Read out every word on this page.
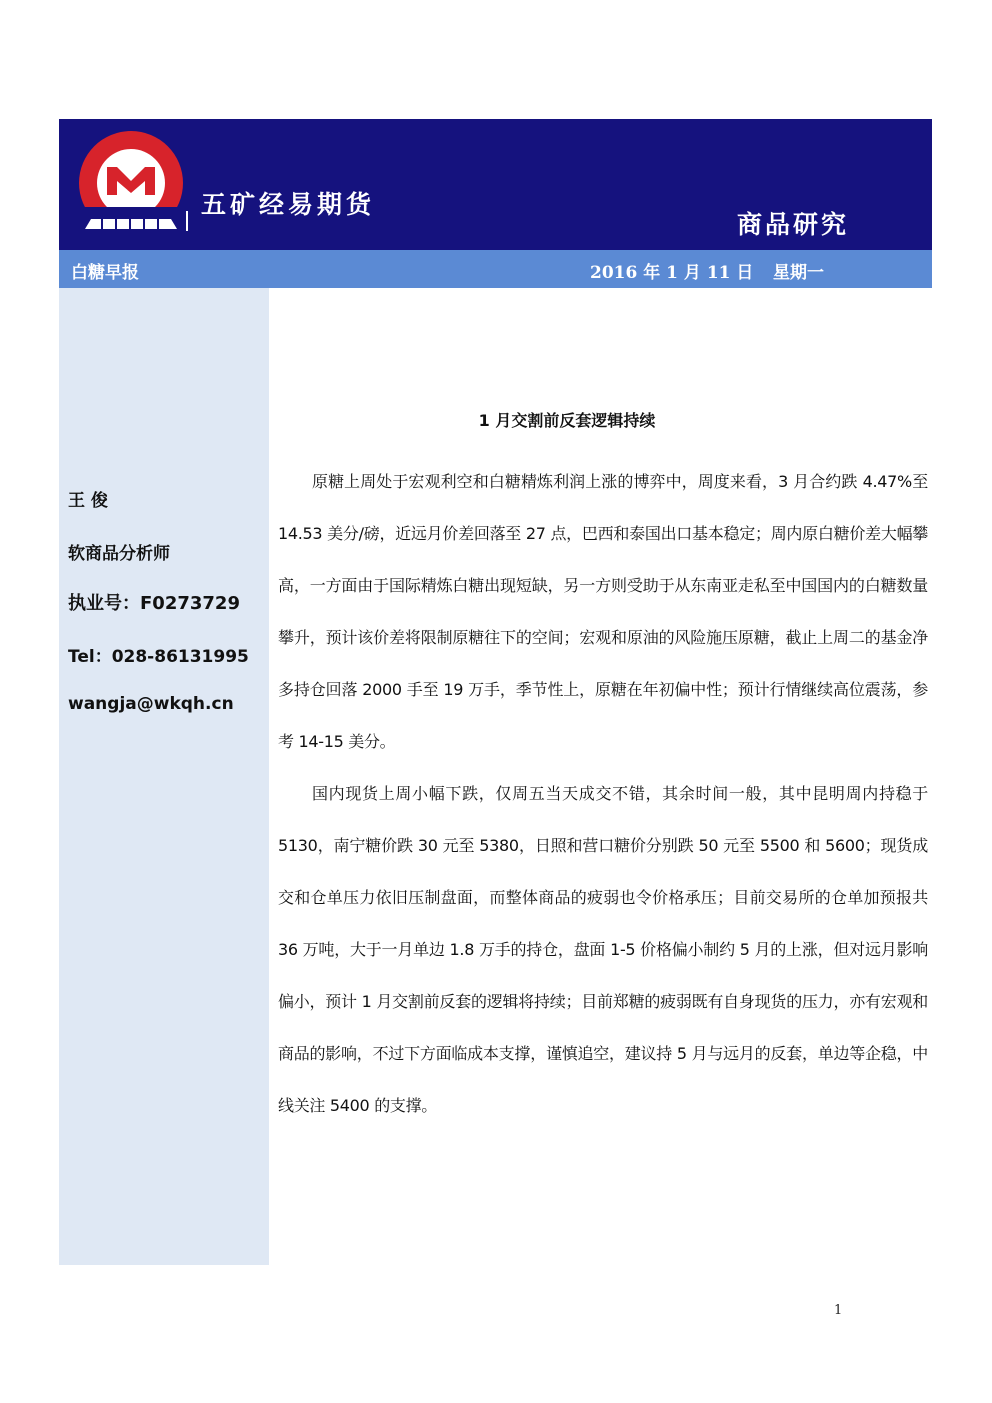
五矿经易期货
商品研究
白糖早报	2016 年 1 月 11 日 星期一
王 俊
软商品分析师
执业号：F0273729
Tel：028-86131995
wangja@wkqh.cn
1 月交割前反套逻辑持续

原糖上周处于宏观利空和白糖精炼利润上涨的博弈中，周度来看，3 月合约跌 4.47%至 14.53 美分/磅，近远月价差回落至 27 点，巴西和泰国出口基本稳定；周内原白糖价差大幅攀高，一方面由于国际精炼白糖出现短缺，另一方则受助于从东南亚走私至中国国内的白糖数量攀升，预计该价差将限制原糖往下的空间；宏观和原油的风险施压原糖，截止上周二的基金净多持仓回落 2000 手至 19 万手，季节性上，原糖在年初偏中性；预计行情继续高位震荡，参考 14-15 美分。

国内现货上周小幅下跌，仅周五当天成交不错，其余时间一般，其中昆明周内持稳于 5130，南宁糖价跌 30 元至 5380，日照和营口糖价分别跌 50 元至 5500 和 5600；现货成交和仓单压力依旧压制盘面，而整体商品的疲弱也令价格承压；目前交易所的仓单加预报共 36 万吨，大于一月单边 1.8 万手的持仓，盘面 1-5 价格偏小制约 5 月的上涨，但对远月影响偏小，预计 1 月交割前反套的逻辑将持续；目前郑糖的疲弱既有自身现货的压力，亦有宏观和商品的影响，不过下方面临成本支撑，谨慎追空，建议持 5 月与远月的反套，单边等企稳，中线关注 5400 的支撑。

1
